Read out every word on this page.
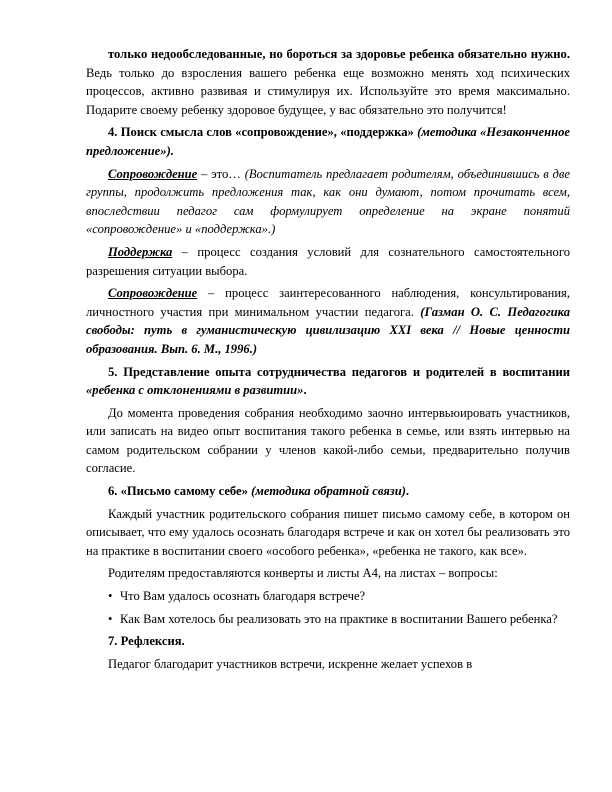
только недообследованные, но бороться за здоровье ребенка обязательно нужно. Ведь только до взросления вашего ребенка еще возможно менять ход психических процессов, активно развивая и стимулируя их. Используйте это время максимально. Подарите своему ребенку здоровое будущее, у вас обязательно это получится!

4. Поиск смысла слов «сопровождение», «поддержка» (методика «Незаконченное предложение»).

Сопровождение – это… (Воспитатель предлагает родителям, объединившись в две группы, продолжить предложения так, как они думают, потом прочитать всем, впоследствии педагог сам формулирует определение на экране понятий «сопровождение» и «поддержка».)

Поддержка – процесс создания условий для сознательного самостоятельного разрешения ситуации выбора.

Сопровождение – процесс заинтересованного наблюдения, консультирования, личностного участия при минимальном участии педагога. (Газман О. С. Педагогика свободы: путь в гуманистическую цивилизацию XXI века // Новые ценности образования. Вып. 6. М., 1996.)

5. Представление опыта сотрудничества педагогов и родителей в воспитании «ребенка с отклонениями в развитии».

До момента проведения собрания необходимо заочно интервьюировать участников, или записать на видео опыт воспитания такого ребенка в семье, или взять интервью на самом родительском собрании у членов какой-либо семьи, предварительно получив согласие.

6. «Письмо самому себе» (методика обратной связи).

Каждый участник родительского собрания пишет письмо самому себе, в котором он описывает, что ему удалось осознать благодаря встрече и как он хотел бы реализовать это на практике в воспитании своего «особого ребенка», «ребенка не такого, как все».

Родителям предоставляются конверты и листы А4, на листах – вопросы:

• Что Вам удалось осознать благодаря встрече?

• Как Вам хотелось бы реализовать это на практике в воспитании Вашего ребенка?

7. Рефлексия.

Педагог благодарит участников встречи, искренне желает успехов в
